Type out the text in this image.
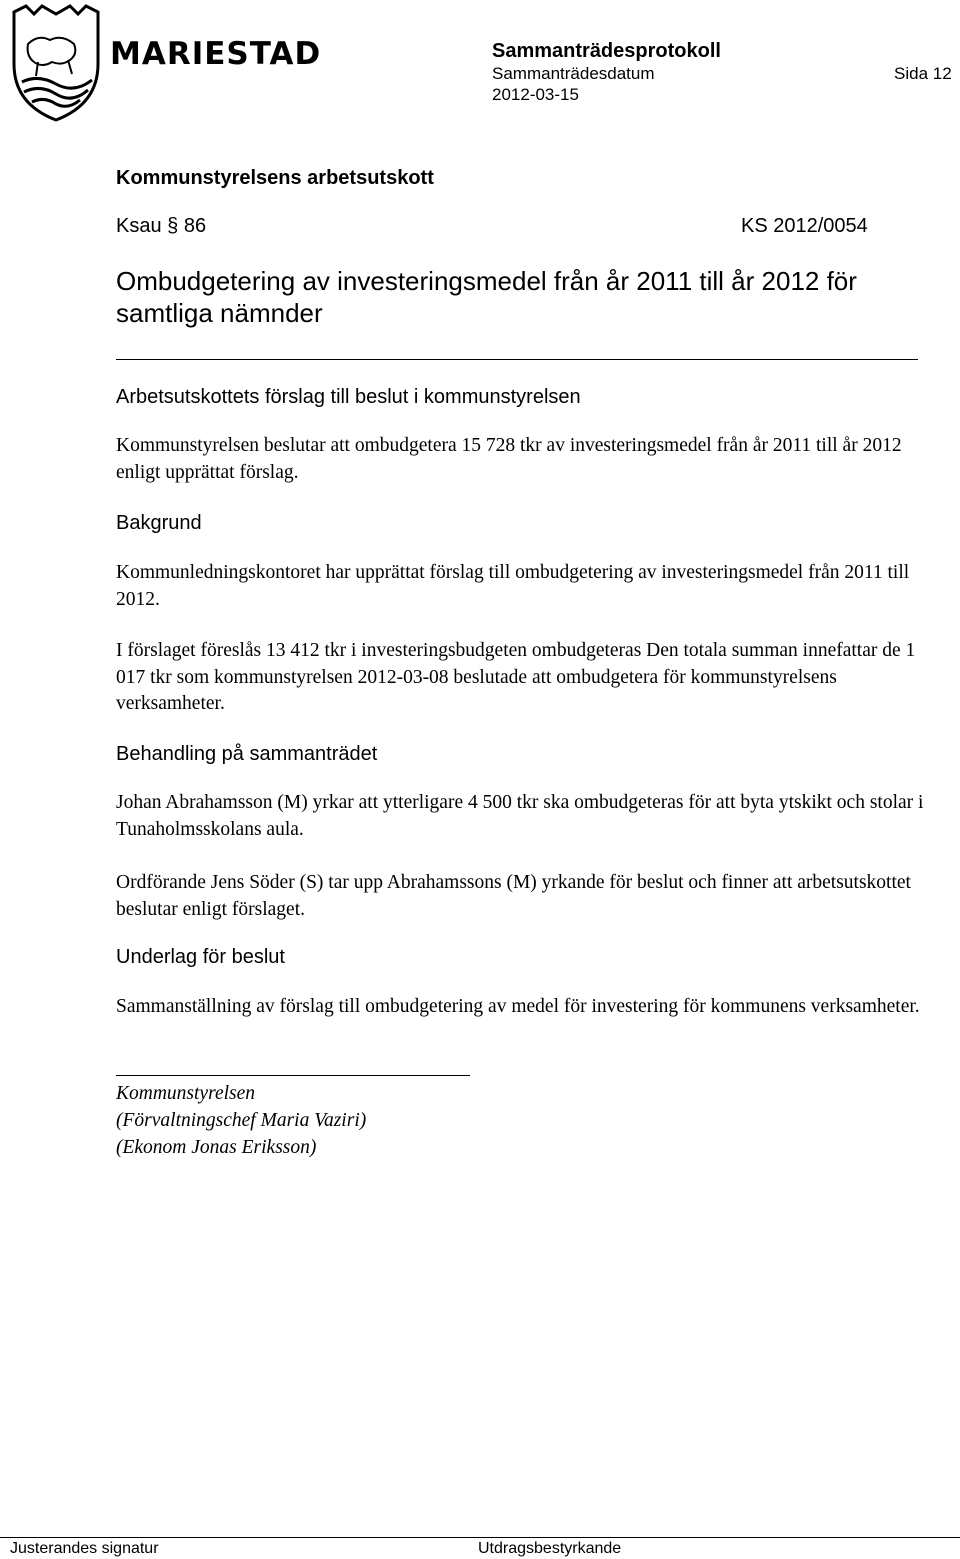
MARIESTAD	Sammanträdesprotokoll
Sammanträdesdatum
2012-03-15
Sida 12
Kommunstyrelsens arbetsutskott
Ksau § 86	KS 2012/0054
Ombudgetering av investeringsmedel från år 2011 till år 2012 för samtliga nämnder
Arbetsutskottets förslag till beslut i kommunstyrelsen
Kommunstyrelsen beslutar att ombudgetera 15 728 tkr av investeringsmedel från år 2011 till år 2012 enligt upprättat förslag.
Bakgrund
Kommunledningskontoret har upprättat förslag till ombudgetering av investeringsmedel från 2011 till 2012.
I förslaget föreslås 13 412 tkr i investeringsbudgeten ombudgeteras Den totala summan innefattar de 1 017 tkr som kommunstyrelsen 2012-03-08 beslutade att ombudgetera för kommunstyrelsens verksamheter.
Behandling på sammanträdet
Johan Abrahamsson (M) yrkar att ytterligare 4 500 tkr ska ombudgeteras för att byta ytskikt och stolar i Tunaholmsskolans aula.
Ordförande Jens Söder (S) tar upp Abrahamssons (M) yrkande för beslut och finner att arbetsutskottet beslutar enligt förslaget.
Underlag för beslut
Sammanställning av förslag till ombudgetering av medel för investering för kommunens verksamheter.
Kommunstyrelsen
(Förvaltningschef Maria Vaziri)
(Ekonom Jonas Eriksson)
Justerandes signatur	Utdragsbestyrkande
